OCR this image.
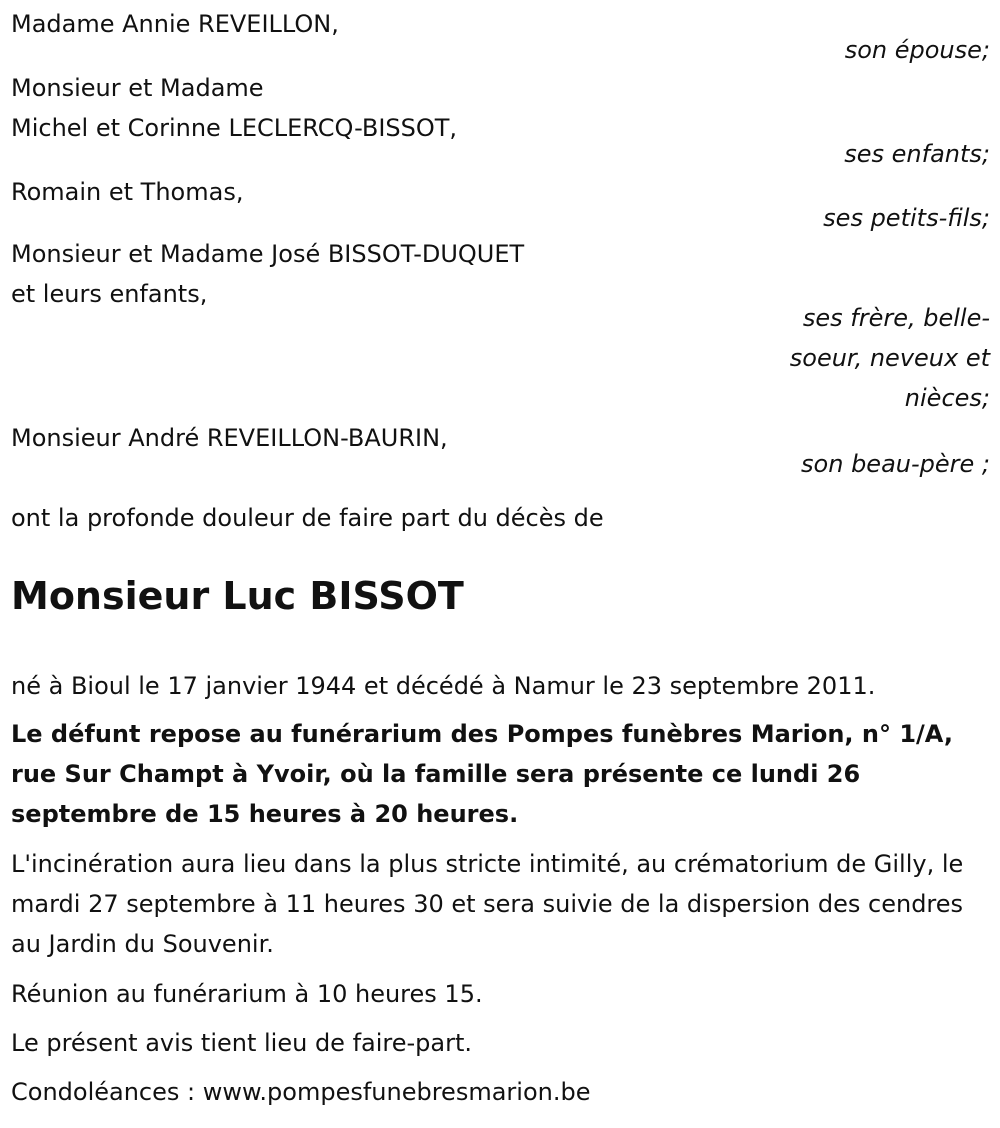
Madame Annie REVEILLON,
son épouse;
Monsieur et Madame
Michel et Corinne LECLERCQ-BISSOT,
ses enfants;
Romain et Thomas,
ses petits-fils;
Monsieur et Madame José BISSOT-DUQUET
et leurs enfants,
ses frère, belle-
soeur, neveux et
nièces;
Monsieur André REVEILLON-BAURIN,
son beau-père ;
ont la profonde douleur de faire part du décès de
Monsieur Luc BISSOT
né à Bioul le 17 janvier 1944 et décédé à Namur le 23 septembre 2011.
Le défunt repose au funérarium des Pompes funèbres Marion, n° 1/A, rue Sur Champt à Yvoir, où la famille sera présente ce lundi 26 septembre de 15 heures à 20 heures.
L'incinération aura lieu dans la plus stricte intimité, au crématorium de Gilly, le mardi 27 septembre à 11 heures 30 et sera suivie de la dispersion des cendres au Jardin du Souvenir.
Réunion au funérarium à 10 heures 15.
Le présent avis tient lieu de faire-part.
Condoléances : www.pompesfunebresmarion.be
